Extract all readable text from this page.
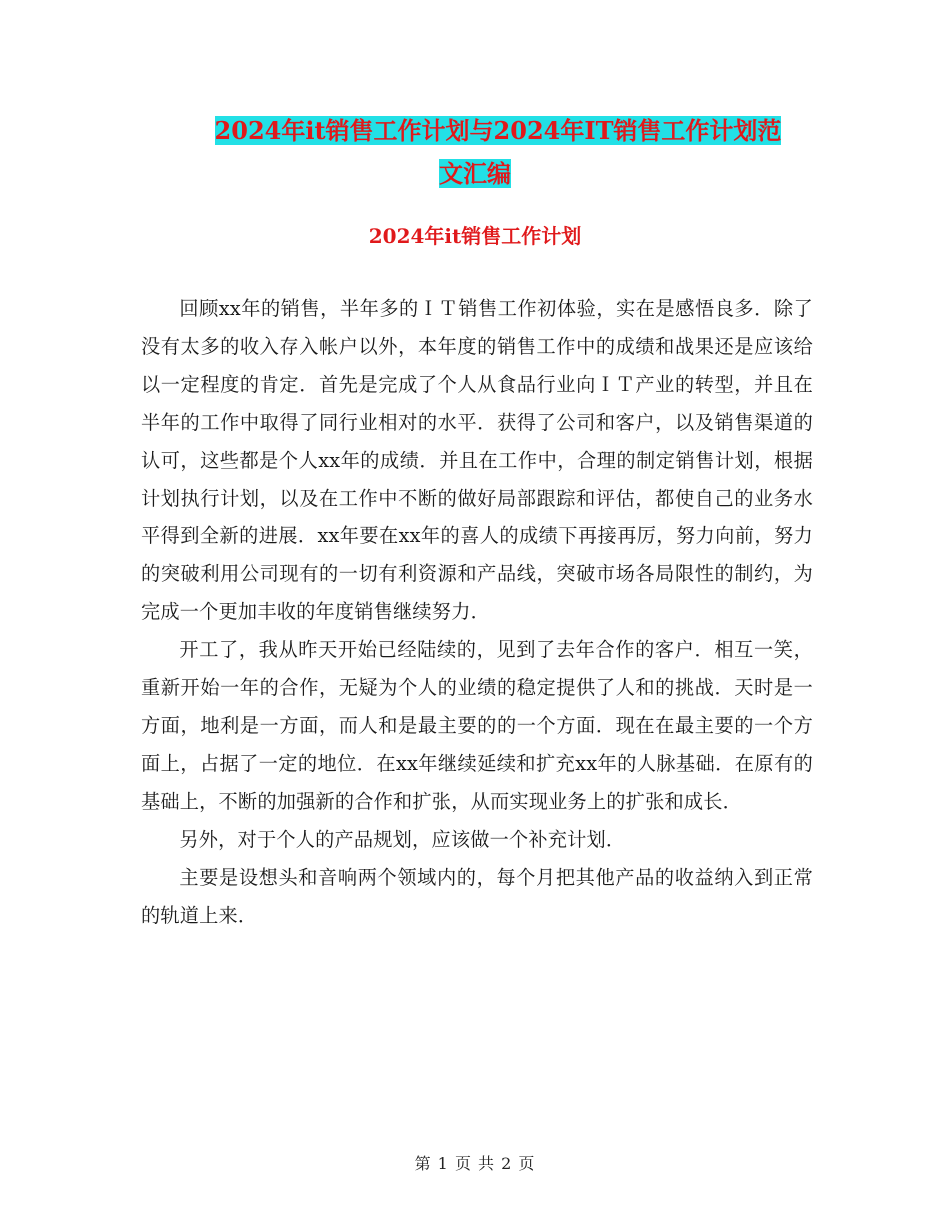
2024年it销售工作计划与2024年IT销售工作计划范
文汇编
2024年it销售工作计划

回顾xx年的销售，半年多的ＩＴ销售工作初体验，实在是感悟良多．除了没有太多的收入存入帐户以外，本年度的销售工作中的成绩和战果还是应该给以一定程度的肯定．首先是完成了个人从食品行业向ＩＴ产业的转型，并且在半年的工作中取得了同行业相对的水平．获得了公司和客户，以及销售渠道的认可，这些都是个人xx年的成绩．并且在工作中，合理的制定销售计划，根据计划执行计划，以及在工作中不断的做好局部跟踪和评估，都使自己的业务水平得到全新的进展．xx年要在xx年的喜人的成绩下再接再厉，努力向前，努力的突破利用公司现有的一切有利资源和产品线，突破市场各局限性的制约，为完成一个更加丰收的年度销售继续努力．

开工了，我从昨天开始已经陆续的，见到了去年合作的客户．相互一笑，重新开始一年的合作，无疑为个人的业绩的稳定提供了人和的挑战．天时是一方面，地利是一方面，而人和是最主要的的一个方面．现在在最主要的一个方面上，占据了一定的地位．在xx年继续延续和扩充xx年的人脉基础．在原有的基础上，不断的加强新的合作和扩张，从而实现业务上的扩张和成长．

另外，对于个人的产品规划，应该做一个补充计划．

主要是设想头和音响两个领域内的，每个月把其他产品的收益纳入到正常的轨道上来．

第 1 页 共 2 页
